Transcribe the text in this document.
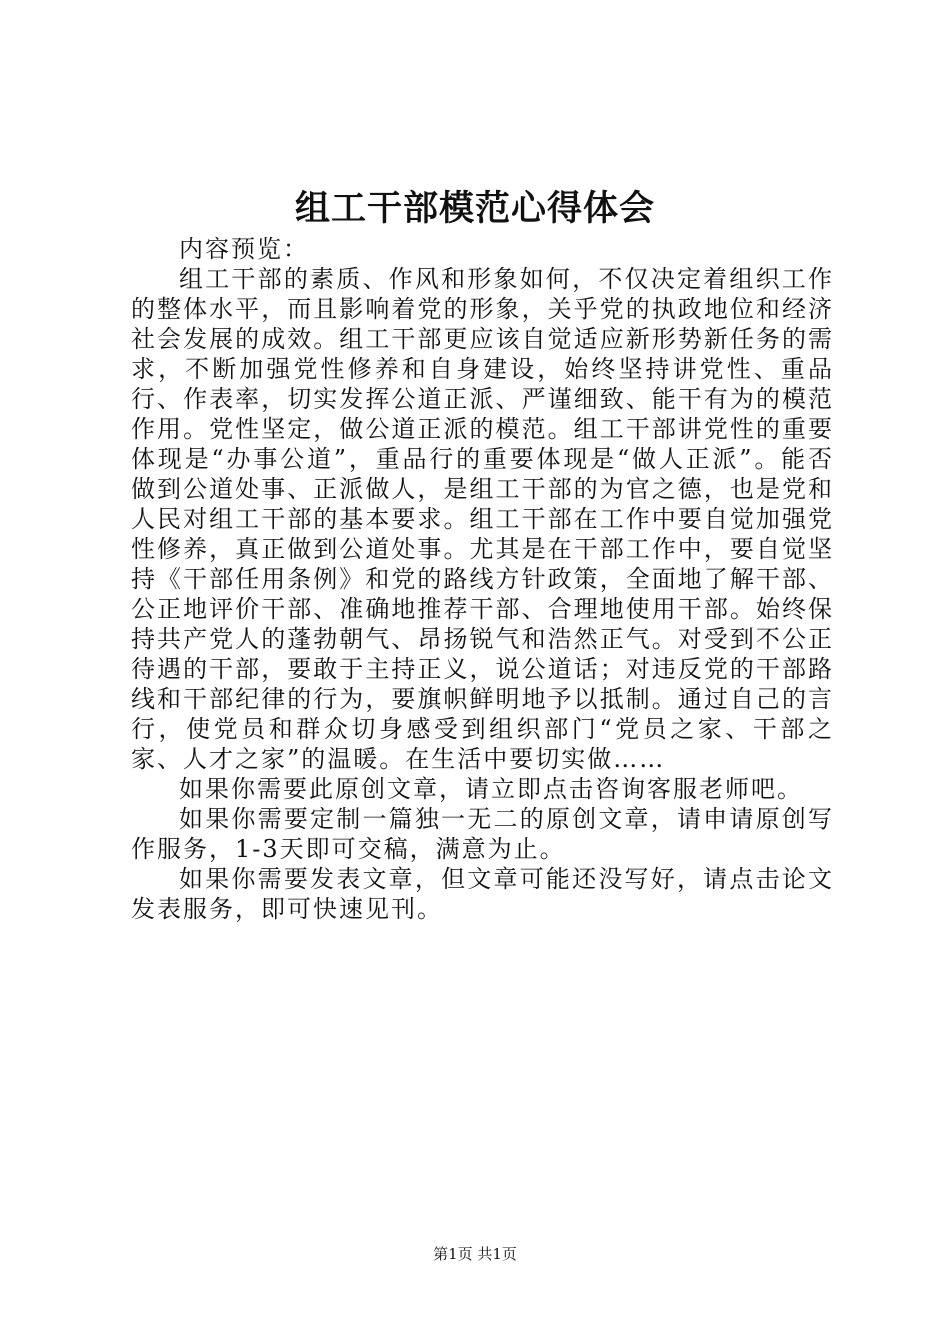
组工干部模范心得体会

内容预览：

组工干部的素质、作风和形象如何，不仅决定着组织工作的整体水平，而且影响着党的形象，关乎党的执政地位和经济社会发展的成效。组工干部更应该自觉适应新形势新任务的需求，不断加强党性修养和自身建设，始终坚持讲党性、重品行、作表率，切实发挥公道正派、严谨细致、能干有为的模范作用。党性坚定，做公道正派的模范。组工干部讲党性的重要体现是“办事公道”，重品行的重要体现是“做人正派”。能否做到公道处事、正派做人，是组工干部的为官之德，也是党和人民对组工干部的基本要求。组工干部在工作中要自觉加强党性修养，真正做到公道处事。尤其是在干部工作中，要自觉坚持《干部任用条例》和党的路线方针政策，全面地了解干部、公正地评价干部、准确地推荐干部、合理地使用干部。始终保持共产党人的蓬勃朝气、昂扬锐气和浩然正气。对受到不公正待遇的干部，要敢于主持正义，说公道话；对违反党的干部路线和干部纪律的行为，要旗帜鲜明地予以抵制。通过自己的言行，使党员和群众切身感受到组织部门“党员之家、干部之家、人才之家”的温暖。在生活中要切实做……

如果你需要此原创文章，请立即点击咨询客服老师吧。

如果你需要定制一篇独一无二的原创文章，请申请原创写作服务，1-3天即可交稿，满意为止。

如果你需要发表文章，但文章可能还没写好，请点击论文发表服务，即可快速见刊。

第1页 共1页
